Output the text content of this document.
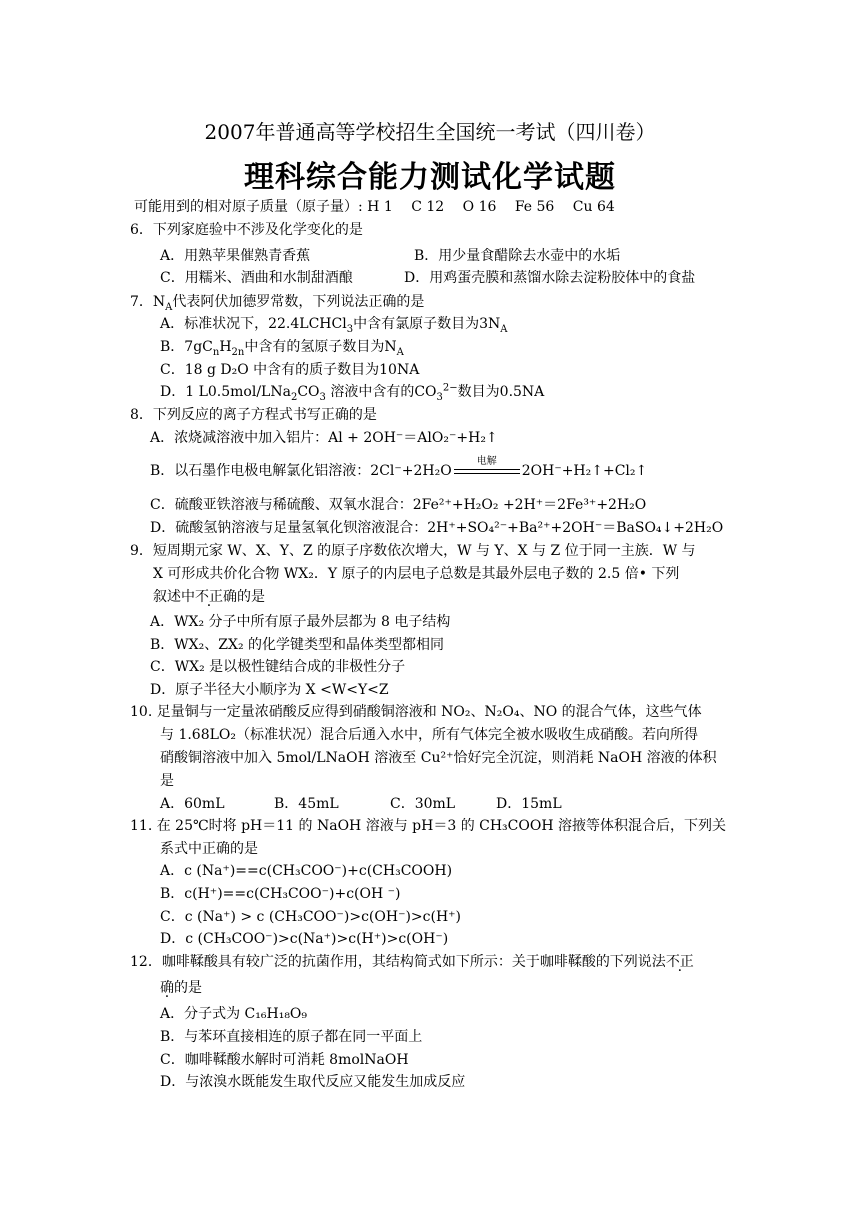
2007年普通高等学校招生全国统一考试（四川卷）
理科综合能力测试化学试题
可能用到的相对原子质量（原子量）: H 1 C 12 O 16 Fe 56 Cu 64
6．下列家庭验中不涉及化学变化的是
A．用熟苹果催熟青香蕉	B．用少量食醋除去水壶中的水垢
C．用糯米、酒曲和水制甜酒酿	D．用鸡蛋壳膜和蒸馏水除去淀粉胶体中的食盐
7．$N_A$代表阿伏加德罗常数，下列说法正确的是
A．标准状况下，22.4LCHCl$_3$中含有氯原子数目为$3N_A$
B．$7gC_nH_{2n}$中含有的氢原子数目为$N_A$
C．18 g D₂O 中含有的质子数目为10NA
D．1 $L0.5mol/LNa_2CO_3$ 溶液中含有的$CO_3^{2-}$数目为0.5NA
8．下列反应的离子方程式书写正确的是
A．浓烧减溶液中加入铝片：Al + 2OH⁻＝AlO₂⁻+H₂↑
B．以石墨作电极电解氯化铝溶液：2Cl⁻+2H₂O
电解
2OH⁻+H₂↑+Cl₂↑
C．硫酸亚铁溶液与稀硫酸、双氧水混合：2Fe²⁺+H₂O₂ +2H⁺＝2Fe³⁺+2H₂O
D．硫酸氢钠溶液与足量氢氧化钡溶液混合：2H⁺+SO₄²⁻+Ba²⁺+2OH⁻＝BaSO₄↓+2H₂O
9．短周期元家 W、X、Y、Z 的原子序数依次增大，W 与 Y、X 与 Z 位于同一主族．W 与
X 可形成共价化合物 WX₂．Y 原子的内层电子总数是其最外层电子数的 2.5 倍• 下列
叙述中不正确的是
A．WX₂ 分子中所有原子最外层都为 8 电子结构
B．WX₂、ZX₂ 的化学键类型和晶体类型都相同
C．WX₂ 是以极性键结合成的非极性分子
D．原子半径大小顺序为 X <W<Y<Z
10. 足量铜与一定量浓硝酸反应得到硝酸铜溶液和 NO₂、N₂O₄、NO 的混合气体，这些气体
与 1.68LO₂（标准状况）混合后通入水中，所有气体完全被水吸收生成硝酸。若向所得
硝酸铜溶液中加入 5mol/LNaOH 溶液至 Cu²⁺恰好完全沉淀，则消耗 NaOH 溶液的体积
是
A．60mL	B．45mL	C．30mL	D．15mL
11. 在 25℃时将 pH＝11 的 NaOH 溶液与 pH＝3 的 CH₃COOH 溶掖等体积混合后，下列关
系式中正确的是
A．c (Na⁺)==c(CH₃COO⁻)+c(CH₃COOH)
B．c(H⁺)==c(CH₃COO⁻)+c(OH ⁻)
C．c (Na⁺) > c (CH₃COO⁻)>c(OH⁻)>c(H⁺)
D．c (CH₃COO⁻)>c(Na⁺)>c(H⁺)>c(OH⁻)
12．咖啡鞣酸具有较广泛的抗菌作用，其结构简式如下所示：关于咖啡鞣酸的下列说法不正
确的是
A．分子式为 C₁₆H₁₈O₉
B．与苯环直接相连的原子都在同一平面上
C．咖啡鞣酸水解时可消耗 8molNaOH
D．与浓溴水既能发生取代反应又能发生加成反应
